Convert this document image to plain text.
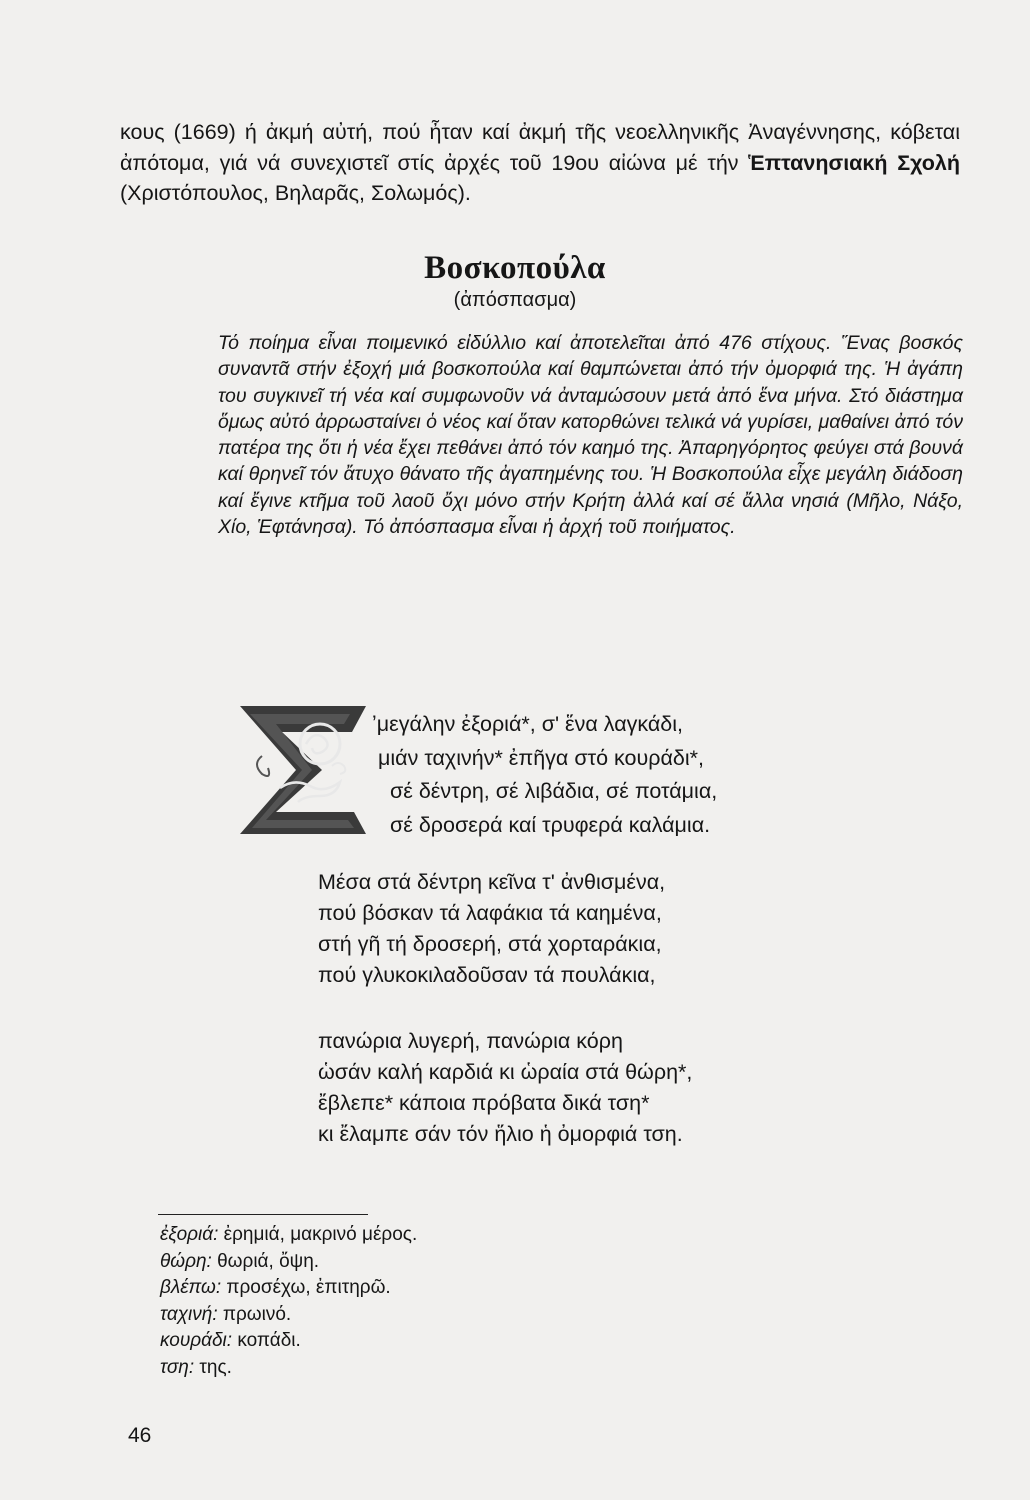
κους (1669) ή ἀκμή αὐτή, πού ἦταν καί ἀκμή τῆς νεοελληνικῆς Ἀναγέννησης, κόβεται ἀπότομα, γιά νά συνεχιστεῖ στίς ἀρχές τοῦ 19ου αἰώνα μέ τήν Ἑπτανησιακή Σχολή (Χριστόπουλος, Βηλαρᾶς, Σολωμός).

Βοσκοπούλα
(ἀπόσπασμα)

Τό ποίημα εἶναι ποιμενικό εἰδύλλιο καί ἀποτελεῖται ἀπό 476 στίχους. Ἕνας βοσκός συναντᾶ στήν ἐξοχή μιά βοσκοπούλα καί θαμπώνεται ἀπό τήν ὀμορφιά της. Ἡ ἀγάπη του συγκινεῖ τή νέα καί συμφωνοῦν νά ἀνταμώσουν μετά ἀπό ἕνα μήνα. Στό διάστημα ὅμως αὐτό ἀρρωσταίνει ὁ νέος καί ὅταν κατορθώνει τελικά νά γυρίσει, μαθαίνει ἀπό τόν πατέρα της ὅτι ἡ νέα ἔχει πεθάνει ἀπό τόν καημό της. Ἀπαρηγόρητος φεύγει στά βουνά καί θρηνεῖ τόν ἄτυχο θάνατο τῆς ἀγαπημένης του. Ἡ Βοσκοπούλα εἶχε μεγάλη διάδοση καί ἔγινε κτῆμα τοῦ λαοῦ ὄχι μόνο στήν Κρήτη ἀλλά καί σέ ἄλλα νησιά (Μῆλο, Νάξο, Χίο, Ἑφτάνησα). Τό ἀπόσπασμα εἶναι ἡ ἀρχή τοῦ ποιήματος.

ʼμεγάλην ἐξοριά*, σ' ἕνα λαγκάδι,
μιάν ταχινήν* ἐπῆγα στό κουράδι*,
σέ δέντρη, σέ λιβάδια, σέ ποτάμια,
σέ δροσερά καί τρυφερά καλάμια.
Μέσα στά δέντρη κεῖνα τ' ἀνθισμένα,
πού βόσκαν τά λαφάκια τά καημένα,
στή γῆ τή δροσερή, στά χορταράκια,
πού γλυκοκιλαδοῦσαν τά πουλάκια,
πανώρια λυγερή, πανώρια κόρη
ὡσάν καλή καρδιά κι ὡραία στά θώρη*,
ἔβλεπε* κάποια πρόβατα δικά τση*
κι ἔλαμπε σάν τόν ἥλιο ἡ ὀμορφιά τση.
ἐξοριά: ἐρημιά, μακρινό μέρος.
θώρη: θωριά, ὄψη.
βλέπω: προσέχω, ἐπιτηρῶ.
ταχινή: πρωινό.
κουράδι: κοπάδι.
τση: της.
46
